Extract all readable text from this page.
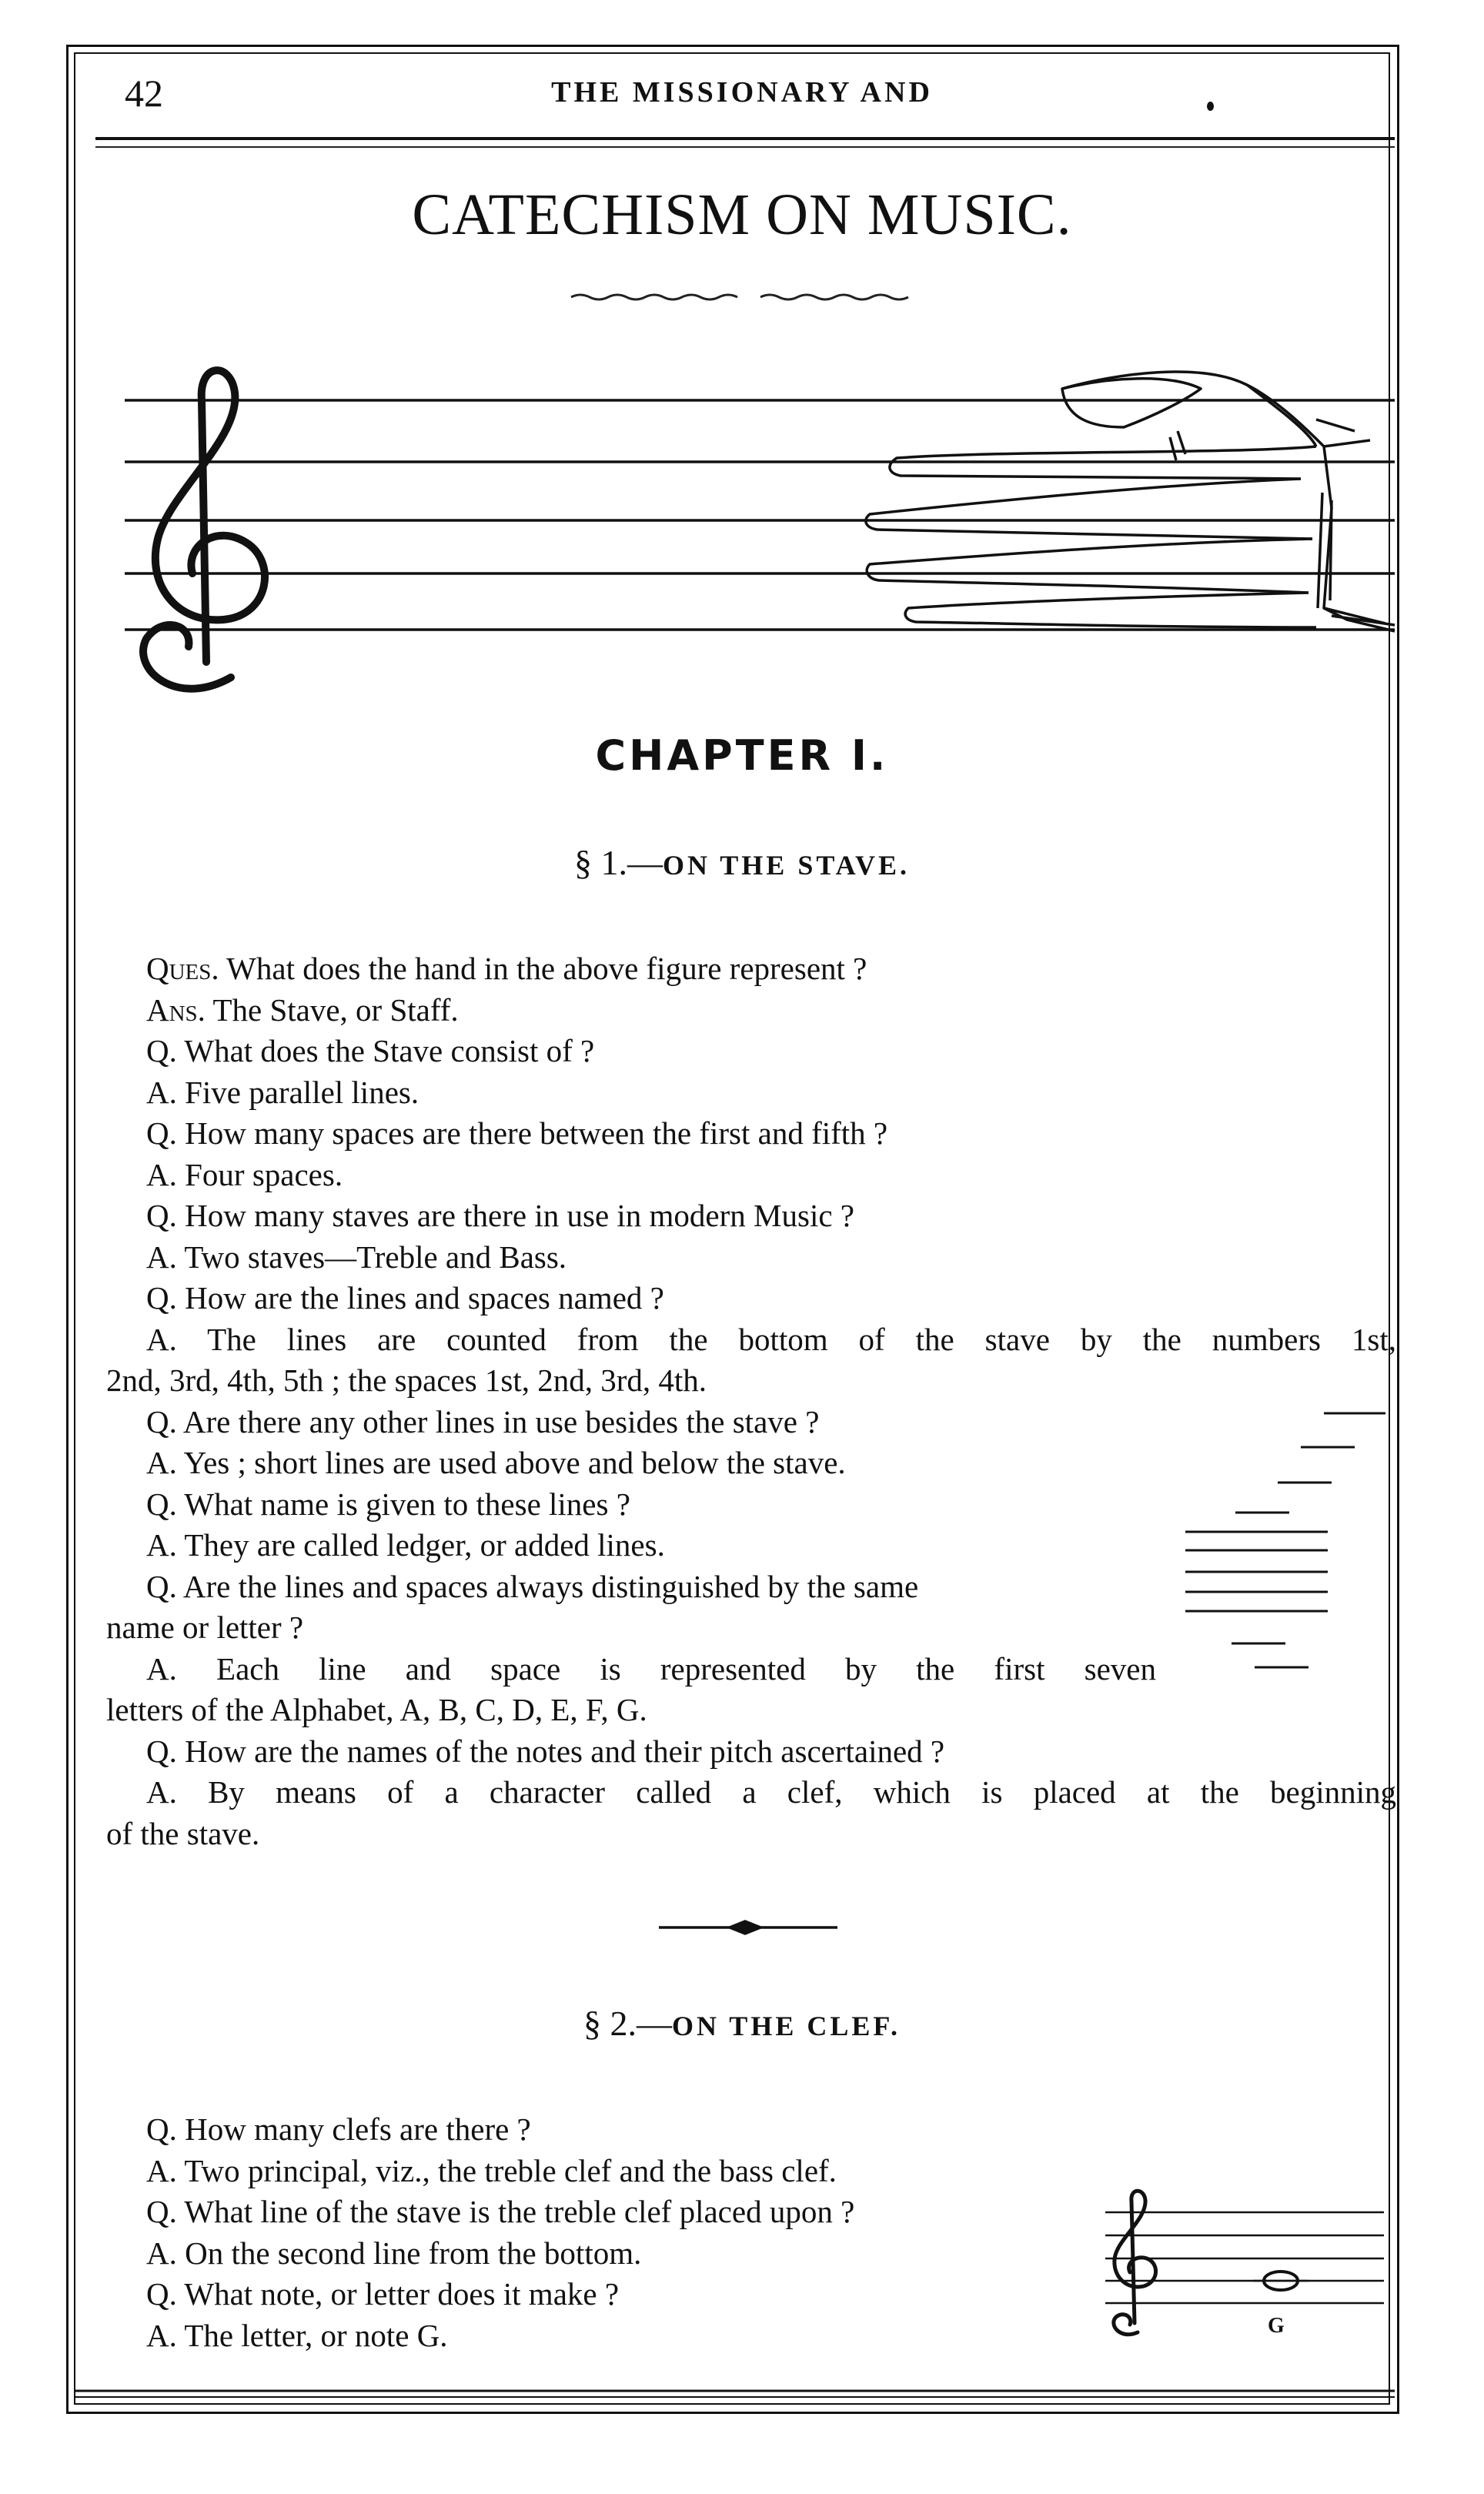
42	THE MISSIONARY AND
CATECHISM ON MUSIC.
CHAPTER I.
§ 1.—ON THE STAVE.
Ques. What does the hand in the above figure represent ?
Ans. The Stave, or Staff.
Q. What does the Stave consist of ?
A. Five parallel lines.
Q. How many spaces are there between the first and fifth ?
A. Four spaces.
Q. How many staves are there in use in modern Music ?
A. Two staves—Treble and Bass.
Q. How are the lines and spaces named ?
A. The lines are counted from the bottom of the stave by the numbers 1st,
2nd, 3rd, 4th, 5th ; the spaces 1st, 2nd, 3rd, 4th.
Q. Are there any other lines in use besides the stave ?
A. Yes ; short lines are used above and below the stave.
Q. What name is given to these lines ?
A. They are called ledger, or added lines.
Q. Are the lines and spaces always distinguished by the same
name or letter ?
A. Each line and space is represented by the first seven
letters of the Alphabet, A, B, C, D, E, F, G.
Q. How are the names of the notes and their pitch ascertained ?
A. By means of a character called a clef, which is placed at the beginning
of the stave.
§ 2.—ON THE CLEF.
Q. How many clefs are there ?
A. Two principal, viz., the treble clef and the bass clef.
Q. What line of the stave is the treble clef placed upon ?
A. On the second line from the bottom.
Q. What note, or letter does it make ?
A. The letter, or note G.	G
